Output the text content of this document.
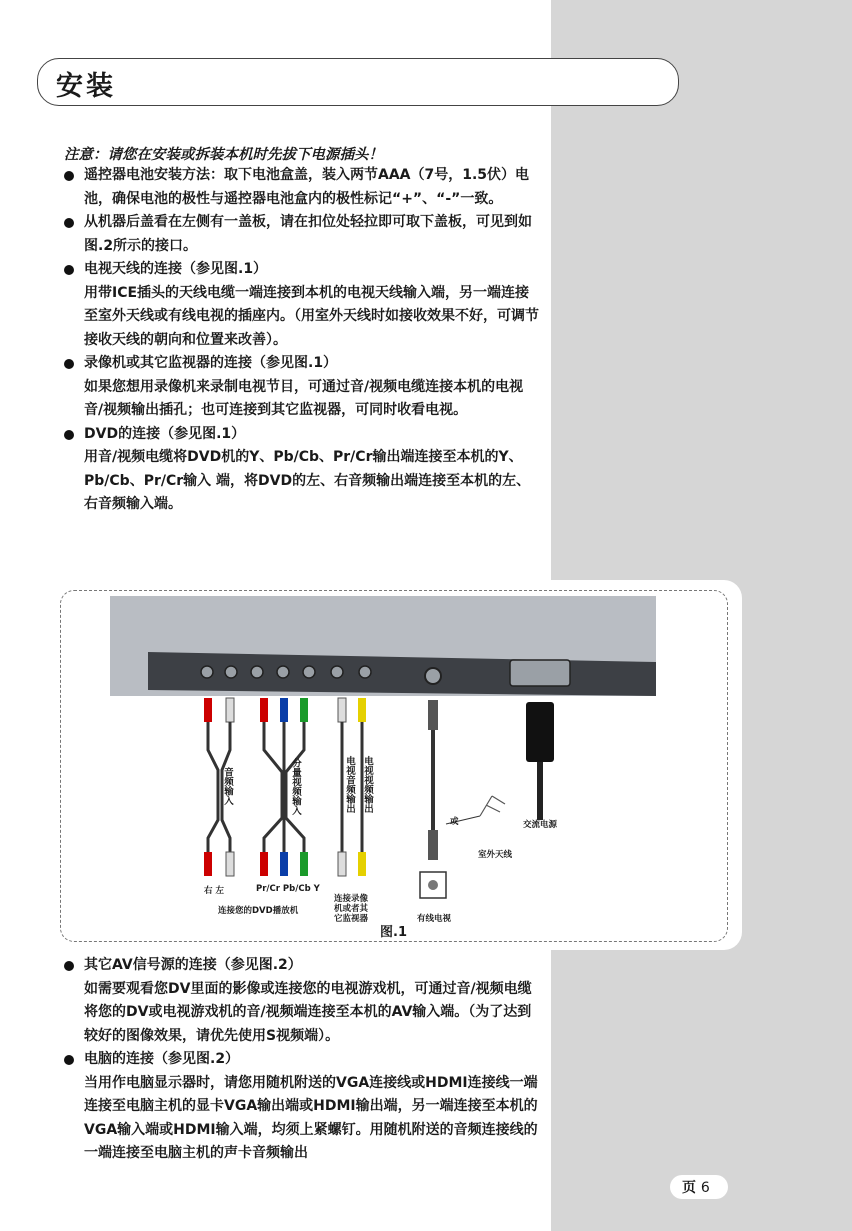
安装
注意：请您在安装或拆装本机时先拔下电源插头！
遥控器电池安装方法：取下电池盒盖，装入两节AAA（7号，1.5伏）电池，确保电池的极性与遥控器电池盒内的极性标记“+”、“-”一致。
从机器后盖看在左侧有一盖板，请在扣位处轻拉即可取下盖板，可见到如图.2所示的接口。
电视天线的连接（参见图.1）
用带ICE插头的天线电缆一端连接到本机的电视天线输入端，另一端连接至室外天线或有线电视的插座内。（用室外天线时如接收效果不好，可调节接收天线的朝向和位置来改善）。
录像机或其它监视器的连接（参见图.1）
如果您想用录像机来录制电视节目，可通过音/视频电缆连接本机的电视音/视频输出插孔；也可连接到其它监视器，可同时收看电视。
DVD的连接（参见图.1）
用音/视频电缆将DVD机的Y、Pb/Cb、Pr/Cr输出端连接至本机的Y、Pb/Cb、Pr/Cr输入 端，将DVD的左、右音频输出端连接至本机的左、右音频输入端。
音频输入	分量视频输入	电视音频输出 电视视频输出
右 左	Pr/Cr Pb/Cb Y
连接您的DVD播放机
连接录像机或者其它监视器	有线电视
或
室外天线
交流电源
图.1
其它AV信号源的连接（参见图.2）
如需要观看您DV里面的影像或连接您的电视游戏机，可通过音/视频电缆将您的DV或电视游戏机的音/视频端连接至本机的AV输入端。（为了达到较好的图像效果，请优先使用S视频端）。
电脑的连接（参见图.2）
当用作电脑显示器时，请您用随机附送的VGA连接线或HDMI连接线一端连接至电脑主机的显卡VGA输出端或HDMI输出端，另一端连接至本机的VGA输入端或HDMI输入端，均须上紧螺钉。用随机附送的音频连接线的一端连接至电脑主机的声卡音频输出
页 6
